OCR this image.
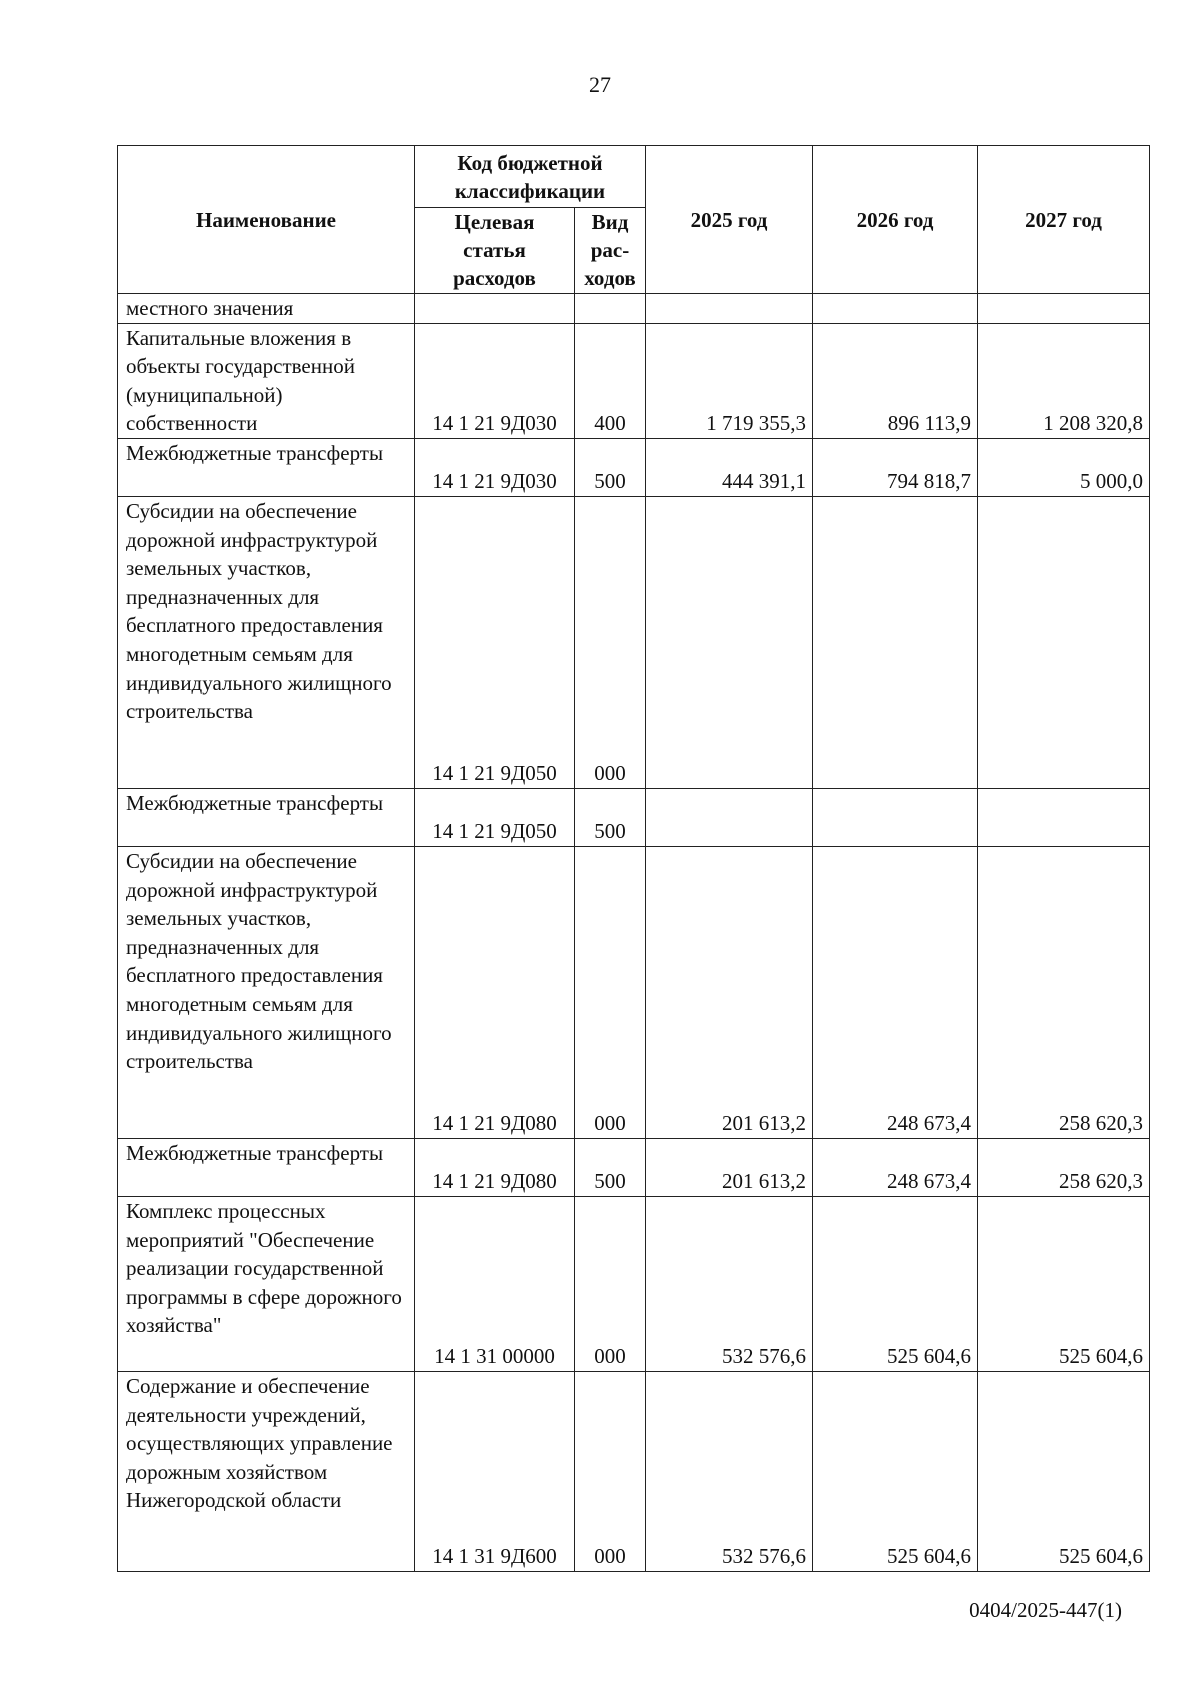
27
Наименование	Код бюджетной классификации		2025 год	2026 год	2027 год
	Целевая статья расходов	Вид рас-ходов			
местного значения					
Капитальные вложения в объекты государственной (муниципальной) собственности	14 1 21 9Д030	400	1 719 355,3	896 113,9	1 208 320,8
Межбюджетные трансферты	14 1 21 9Д030	500	444 391,1	794 818,7	5 000,0
Субсидии на обеспечение дорожной инфраструктурой земельных участков, предназначенных для бесплатного предоставления многодетным семьям для индивидуального жилищного строительства	14 1 21 9Д050	000			
Межбюджетные трансферты	14 1 21 9Д050	500			
Субсидии на обеспечение дорожной инфраструктурой земельных участков, предназначенных для бесплатного предоставления многодетным семьям для индивидуального жилищного строительства	14 1 21 9Д080	000	201 613,2	248 673,4	258 620,3
Межбюджетные трансферты	14 1 21 9Д080	500	201 613,2	248 673,4	258 620,3
Комплекс процессных мероприятий "Обеспечение реализации государственной программы в сфере дорожного хозяйства"	14 1 31 00000	000	532 576,6	525 604,6	525 604,6
Содержание и обеспечение деятельности учреждений, осуществляющих управление дорожным хозяйством Нижегородской области	14 1 31 9Д600	000	532 576,6	525 604,6	525 604,6
0404/2025-447(1)
